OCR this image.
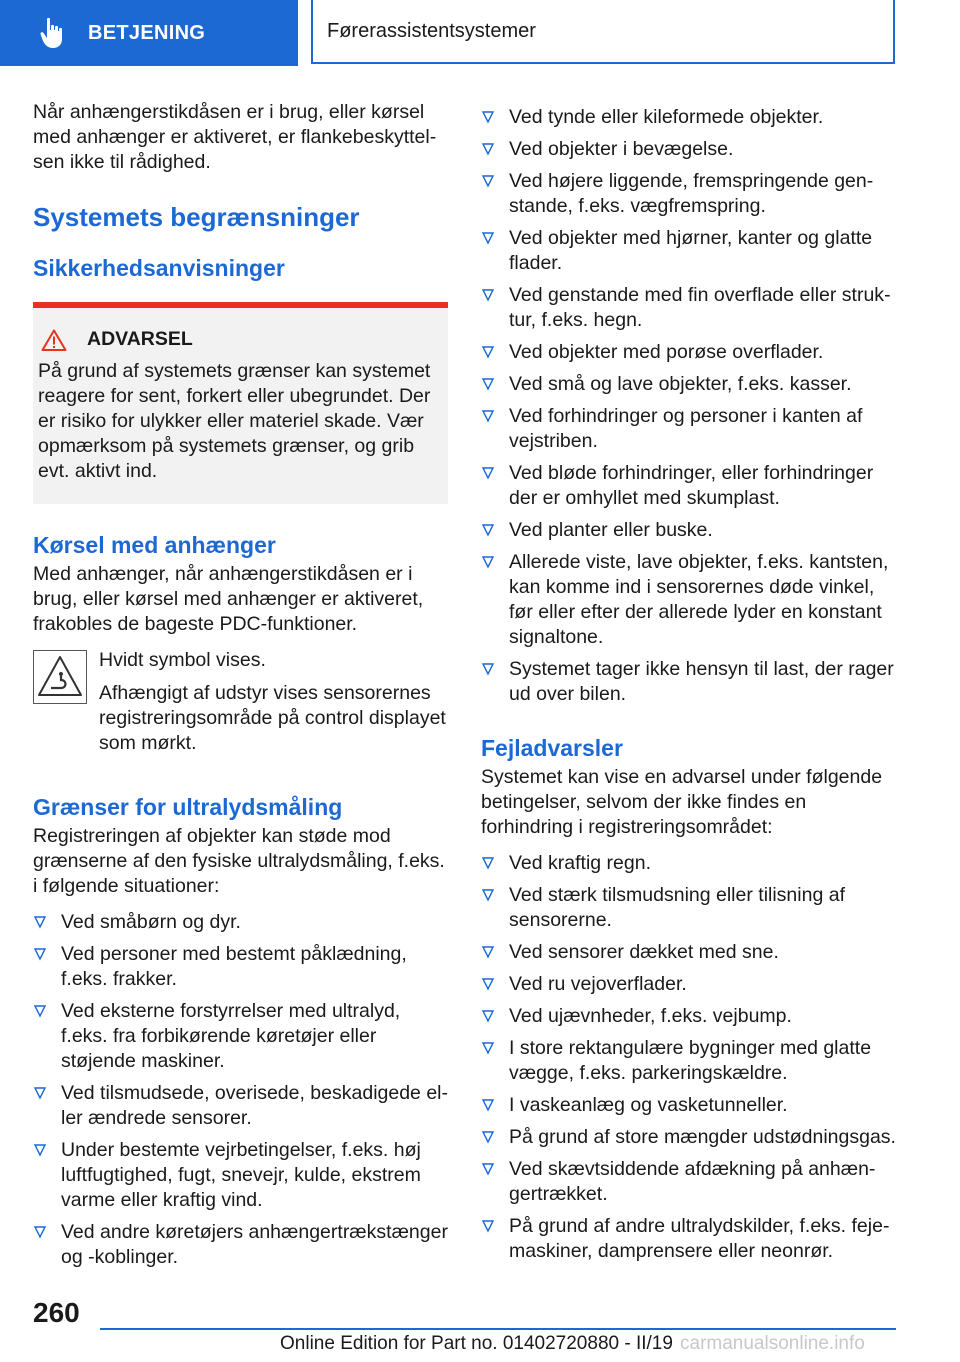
BETJENING	Førerassistentsystemer

Når anhængerstikdåsen er i brug, eller kørsel med anhænger er aktiveret, er flankebeskyttelsen ikke til rådighed.

Systemets begrænsninger
Sikkerhedsanvisninger
ADVARSEL

På grund af systemets grænser kan systemet reagere for sent, forkert eller ubegrundet. Der er risiko for ulykker eller materiel skade. Vær opmærksom på systemets grænser, og grib evt. aktivt ind.

Kørsel med anhænger

Med anhænger, når anhængerstikdåsen er i brug, eller kørsel med anhænger er aktiveret, frakobles de bageste PDC-funktioner.

Hvidt symbol vises.

Afhængigt af udstyr vises sensorernes registreringsområde på control displayet som mørkt.

Grænser for ultralydsmåling

Registreringen af objekter kan støde mod grænserne af den fysiske ultralydsmåling, f.eks. i følgende situationer:

Ved småbørn og dyr.
Ved personer med bestemt påklædning, f.eks. frakker.
Ved eksterne forstyrrelser med ultralyd, f.eks. fra forbikørende køretøjer eller støjende maskiner.
Ved tilsmudsede, overisede, beskadigede eller ændrede sensorer.
Under bestemte vejrbetingelser, f.eks. høj luftfugtighed, fugt, snevejr, kulde, ekstrem varme eller kraftig vind.
Ved andre køretøjers anhængertrækstænger og -koblinger.
Ved tynde eller kileformede objekter.
Ved objekter i bevægelse.
Ved højere liggende, fremspringende genstande, f.eks. vægfremspring.
Ved objekter med hjørner, kanter og glatte flader.
Ved genstande med fin overflade eller struktur, f.eks. hegn.
Ved objekter med porøse overflader.
Ved små og lave objekter, f.eks. kasser.
Ved forhindringer og personer i kanten af vejstriben.
Ved bløde forhindringer, eller forhindringer der er omhyllet med skumplast.
Ved planter eller buske.
Allerede viste, lave objekter, f.eks. kantsten, kan komme ind i sensorernes døde vinkel, før eller efter der allerede lyder en konstant signaltone.
Systemet tager ikke hensyn til last, der rager ud over bilen.
Fejladvarsler

Systemet kan vise en advarsel under følgende betingelser, selvom der ikke findes en forhindring i registreringsområdet:

Ved kraftig regn.
Ved stærk tilsmudsning eller tilisning af sensorerne.
Ved sensorer dækket med sne.
Ved ru vejoverflader.
Ved ujævnheder, f.eks. vejbump.
I store rektangulære bygninger med glatte vægge, f.eks. parkeringskældre.
I vaskeanlæg og vasketunneller.
På grund af store mængder udstødningsgas.
Ved skævtsiddende afdækning på anhængertrækket.
På grund af andre ultralydskilder, f.eks. fejemaskiner, damprensere eller neonrør.
260
Online Edition for Part no. 01402720880 - II/19 carmanualsonline.info
